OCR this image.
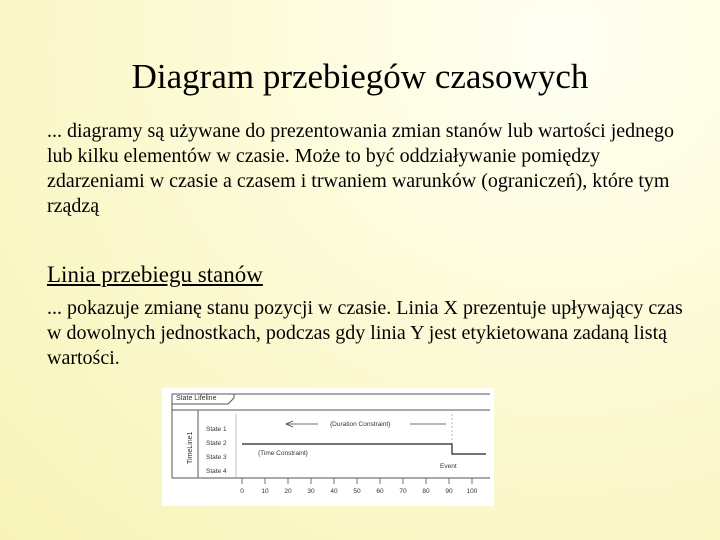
Diagram przebiegów czasowych
... diagramy są używane do prezentowania zmian stanów lub wartości jednego lub kilku elementów w czasie. Może to być oddziaływanie pomiędzy zdarzeniami w czasie a czasem i trwaniem warunków (ograniczeń), które tym rządzą
Linia przebiegu stanów
... pokazuje zmianę stanu pozycji w czasie. Linia X prezentuje upływający czas w dowolnych jednostkach, podczas gdy linia Y jest etykietowana zadaną listą wartości.
State Lifeline
TimeLine1
State 1
State 2
State 3
State 4
{Duration Constraint}
{Time Constraint}
Event
0	10 20 30 40 50 60 70 80 90 100
